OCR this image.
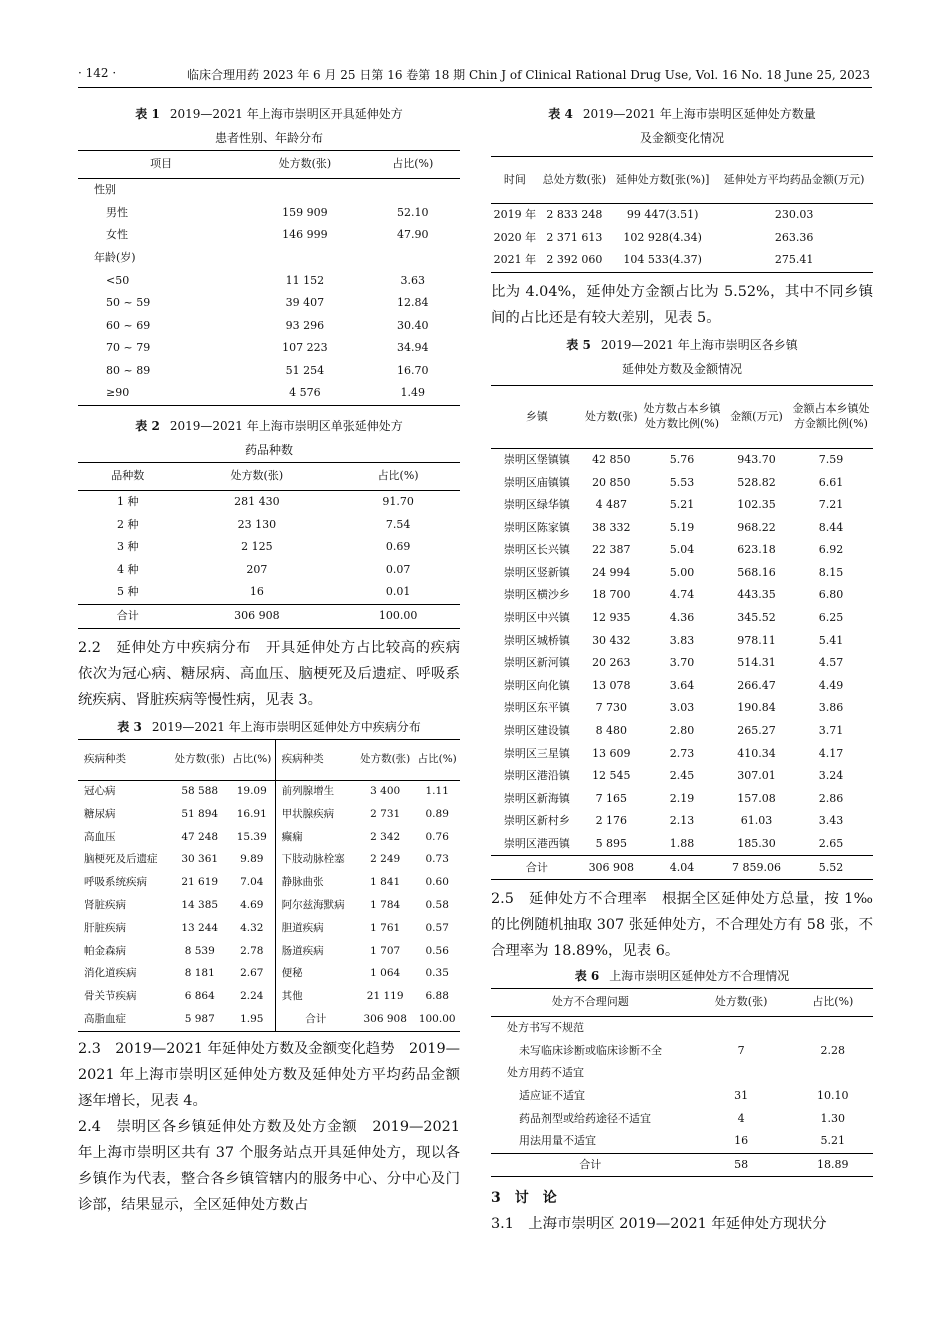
· 142 ·	临床合理用药 2023 年 6 月 25 日第 16 卷第 18 期 Chin J of Clinical Rational Drug Use, Vol. 16 No. 18 June 25, 2023
表 1 2019—2021 年上海市崇明区开具延伸处方
患者性别、年龄分布
项目	处方数(张)	占比(%)
性别		
男性	159 909	52.10
女性	146 999	47.90
年龄(岁)		
<50	11 152	3.63
50 ~ 59	39 407	12.84
60 ~ 69	93 296	30.40
70 ~ 79	107 223	34.94
80 ~ 89	51 254	16.70
≥90	4 576	1.49
表 2 2019—2021 年上海市崇明区单张延伸处方
药品种数
品种数	处方数(张)	占比(%)
1 种	281 430	91.70
2 种	23 130	7.54
3 种	2 125	0.69
4 种	207	0.07
5 种	16	0.01
合计	306 908	100.00

2.2　延伸处方中疾病分布　开具延伸处方占比较高的疾病依次为冠心病、糖尿病、高血压、脑梗死及后遗症、呼吸系统疾病、肾脏疾病等慢性病，见表 3。

表 3 2019—2021 年上海市崇明区延伸处方中疾病分布
疾病种类	处方数(张)	占比(%)	疾病种类	处方数(张)	占比(%)
冠心病	58 588	19.09	前列腺增生	3 400	1.11
糖尿病	51 894	16.91	甲状腺疾病	2 731	0.89
高血压	47 248	15.39	癫痫	2 342	0.76
脑梗死及后遗症	30 361	9.89	下肢动脉栓塞	2 249	0.73
呼吸系统疾病	21 619	7.04	静脉曲张	1 841	0.60
肾脏疾病	14 385	4.69	阿尔兹海默病	1 784	0.58
肝脏疾病	13 244	4.32	胆道疾病	1 761	0.57
帕金森病	8 539	2.78	肠道疾病	1 707	0.56
消化道疾病	8 181	2.67	便秘	1 064	0.35
骨关节疾病	6 864	2.24	其他	21 119	6.88
高脂血症	5 987	1.95	合计	306 908	100.00

2.3　2019—2021 年延伸处方数及金额变化趋势　2019—2021 年上海市崇明区延伸处方数及延伸处方平均药品金额逐年增长，见表 4。

2.4　崇明区各乡镇延伸处方数及处方金额　2019—2021 年上海市崇明区共有 37 个服务站点开具延伸处方，现以各乡镇作为代表，整合各乡镇管辖内的服务中心、分中心及门诊部，结果显示，全区延伸处方数占

表 4 2019—2021 年上海市崇明区延伸处方数量
及金额变化情况
时间	总处方数(张)	延伸处方数[张(%)]	延伸处方平均药品金额(万元)
2019 年	2 833 248	99 447(3.51)	230.03
2020 年	2 371 613	102 928(4.34)	263.36
2021 年	2 392 060	104 533(4.37)	275.41

比为 4.04%，延伸处方金额占比为 5.52%，其中不同乡镇间的占比还是有较大差别，见表 5。

表 5 2019—2021 年上海市崇明区各乡镇
延伸处方数及金额情况
乡镇	处方数(张)	处方数占本乡镇处方数比例(%)	金额(万元)	金额占本乡镇处方金额比例(%)
崇明区堡镇镇	42 850	5.76	943.70	7.59
崇明区庙镇镇	20 850	5.53	528.82	6.61
崇明区绿华镇	4 487	5.21	102.35	7.21
崇明区陈家镇	38 332	5.19	968.22	8.44
崇明区长兴镇	22 387	5.04	623.18	6.92
崇明区竖新镇	24 994	5.00	568.16	8.15
崇明区横沙乡	18 700	4.74	443.35	6.80
崇明区中兴镇	12 935	4.36	345.52	6.25
崇明区城桥镇	30 432	3.83	978.11	5.41
崇明区新河镇	20 263	3.70	514.31	4.57
崇明区向化镇	13 078	3.64	266.47	4.49
崇明区东平镇	7 730	3.03	190.84	3.86
崇明区建设镇	8 480	2.80	265.27	3.71
崇明区三星镇	13 609	2.73	410.34	4.17
崇明区港沿镇	12 545	2.45	307.01	3.24
崇明区新海镇	7 165	2.19	157.08	2.86
崇明区新村乡	2 176	2.13	61.03	3.43
崇明区港西镇	5 895	1.88	185.30	2.65
合计	306 908	4.04	7 859.06	5.52

2.5　延伸处方不合理率　根据全区延伸处方总量，按 1‰的比例随机抽取 307 张延伸处方，不合理处方有 58 张，不合理率为 18.89%，见表 6。

表 6 上海市崇明区延伸处方不合理情况
处方不合理问题	处方数(张)	占比(%)
处方书写不规范		
未写临床诊断或临床诊断不全	7	2.28
处方用药不适宜		
适应证不适宜	31	10.10
药品剂型或给药途径不适宜	4	1.30
用法用量不适宜	16	5.21
合计	58	18.89

3　讨　论

3.1　上海市崇明区 2019—2021 年延伸处方现状分
